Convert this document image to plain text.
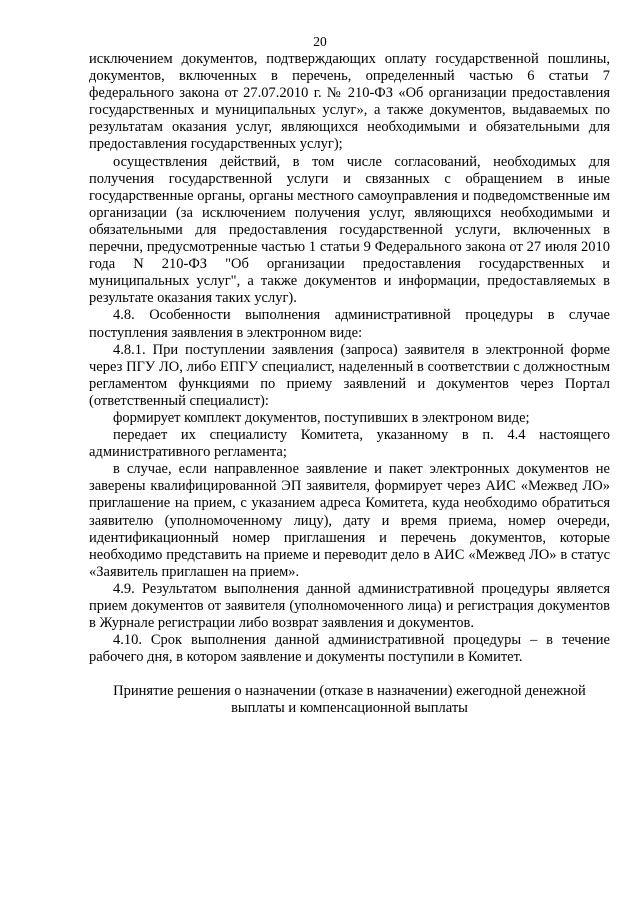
20

исключением документов, подтверждающих оплату государственной пошлины, документов, включенных в перечень, определенный частью 6 статьи 7 федерального закона от 27.07.2010 г. № 210-ФЗ «Об организации предоставления государственных и муниципальных услуг», а также документов, выдаваемых по результатам оказания услуг, являющихся необходимыми и обязательными для предоставления государственных услуг);

осуществления действий, в том числе согласований, необходимых для получения государственной услуги и связанных с обращением в иные государственные органы, органы местного самоуправления и подведомственные им организации (за исключением получения услуг, являющихся необходимыми и обязательными для предоставления государственной услуги, включенных в перечни, предусмотренные частью 1 статьи 9 Федерального закона от 27 июля 2010 года N 210-ФЗ "Об организации предоставления государственных и муниципальных услуг", а также документов и информации, предоставляемых в результате оказания таких услуг).

4.8. Особенности выполнения административной процедуры в случае поступления заявления в электронном виде:

4.8.1. При поступлении заявления (запроса) заявителя в электронной форме через ПГУ ЛО, либо ЕПГУ специалист, наделенный в соответствии с должностным регламентом функциями по приему заявлений и документов через Портал (ответственный специалист):

формирует комплект документов, поступивших в электроном виде;

передает их специалисту Комитета, указанному в п. 4.4 настоящего административного регламента;

в случае, если направленное заявление и пакет электронных документов не заверены квалифицированной ЭП заявителя, формирует через АИС «Межвед ЛО» приглашение на прием, с указанием адреса Комитета, куда необходимо обратиться заявителю (уполномоченному лицу), дату и время приема, номер очереди, идентификационный номер приглашения и перечень документов, которые необходимо представить на приеме и переводит дело в АИС «Межвед ЛО» в статус «Заявитель приглашен на прием».

4.9. Результатом выполнения данной административной процедуры является прием документов от заявителя (уполномоченного лица) и регистрация документов в Журнале регистрации либо возврат заявления и документов.

4.10. Срок выполнения данной административной процедуры – в течение рабочего дня, в котором заявление и документы поступили в Комитет.

Принятие решения о назначении (отказе в назначении) ежегодной денежной выплаты и компенсационной выплаты
